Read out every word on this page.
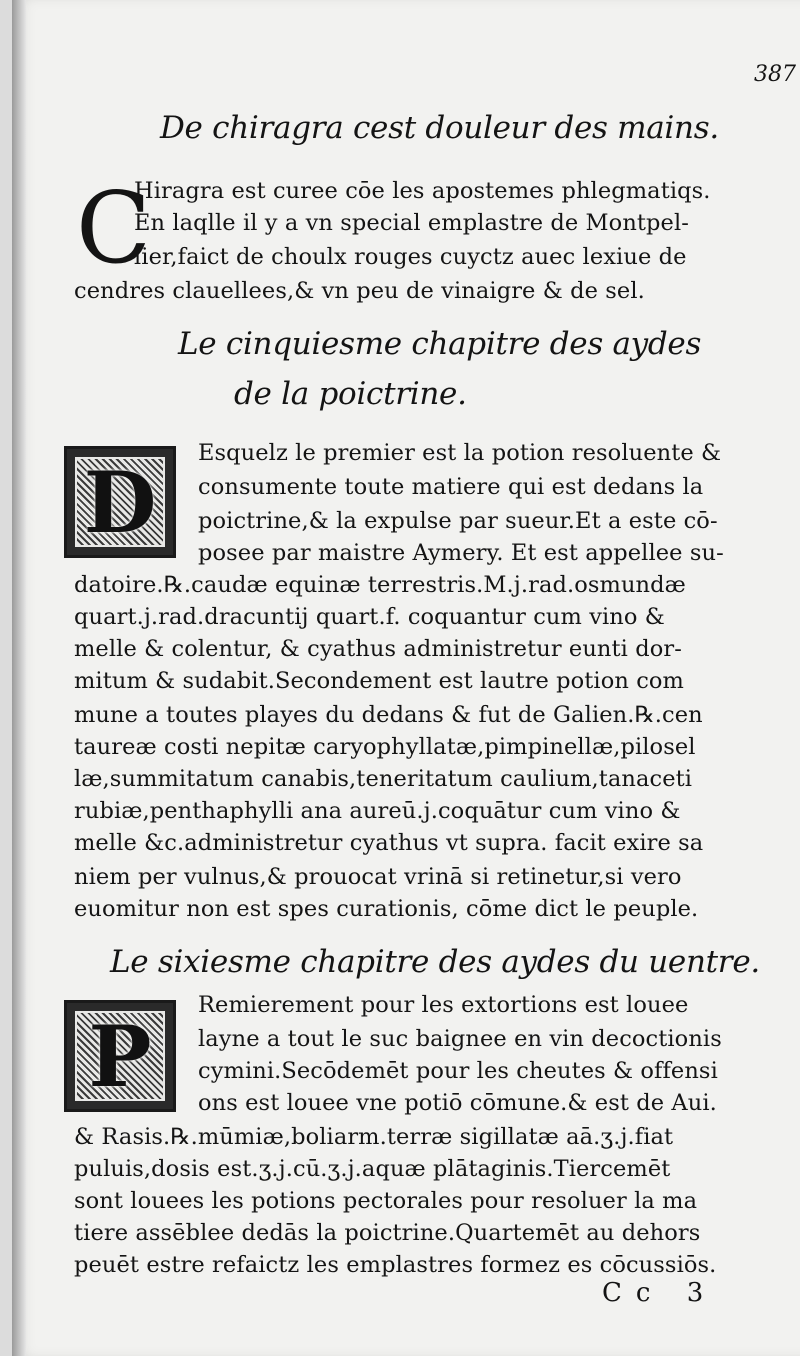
387
De chiragra cest douleur des mains.
C
Hiragra est curee cōe les apostemes phlegmatiqs.
En laqlle il y a vn special emplastre de Montpel-
lier,faict de choulx rouges cuyctz auec lexiue de
cendres clauellees,& vn peu de vinaigre & de sel.
Le cinquiesme chapitre des aydes
de la poictrine.
D	Esquelz le premier est la potion resoluente &
consumente toute matiere qui est dedans la
poictrine,& la expulse par sueur.Et a este cō-
posee par maistre Aymery. Et est appellee su-
datoire.℞.caudæ equinæ terrestris.M.j.rad.osmundæ
quart.j.rad.dracuntij quart.f. coquantur cum vino &
melle & colentur, & cyathus administretur eunti dor-
mitum & sudabit.Secondement est lautre potion com
mune a toutes playes du dedans & fut de Galien.℞.cen
taureæ costi nepitæ caryophyllatæ,pimpinellæ,pilosel
læ,summitatum canabis,teneritatum caulium,tanaceti
rubiæ,penthaphylli ana aureū.j.coquātur cum vino &
melle &c.administretur cyathus vt supra. facit exire sa
niem per vulnus,& prouocat vrinā si retinetur,si vero
euomitur non est spes curationis, cōme dict le peuple.
Le sixiesme chapitre des aydes du uentre.
P
Remierement pour les extortions est louee
layne a tout le suc baignee en vin decoctionis
cymini.Secōdemēt pour les cheutes & offensi
ons est louee vne potiō cōmune.& est de Aui.
& Rasis.℞.mūmiæ,boliarm.terræ sigillatæ aā.ʒ.j.fiat
puluis,dosis est.ʒ.j.cū.ʒ.j.aquæ plātaginis.Tiercemēt
sont louees les potions pectorales pour resoluer la ma
tiere assēblee dedās la poictrine.Quartemēt au dehors
peuēt estre refaictz les emplastres formez es cōcussiōs.
Cc 3
